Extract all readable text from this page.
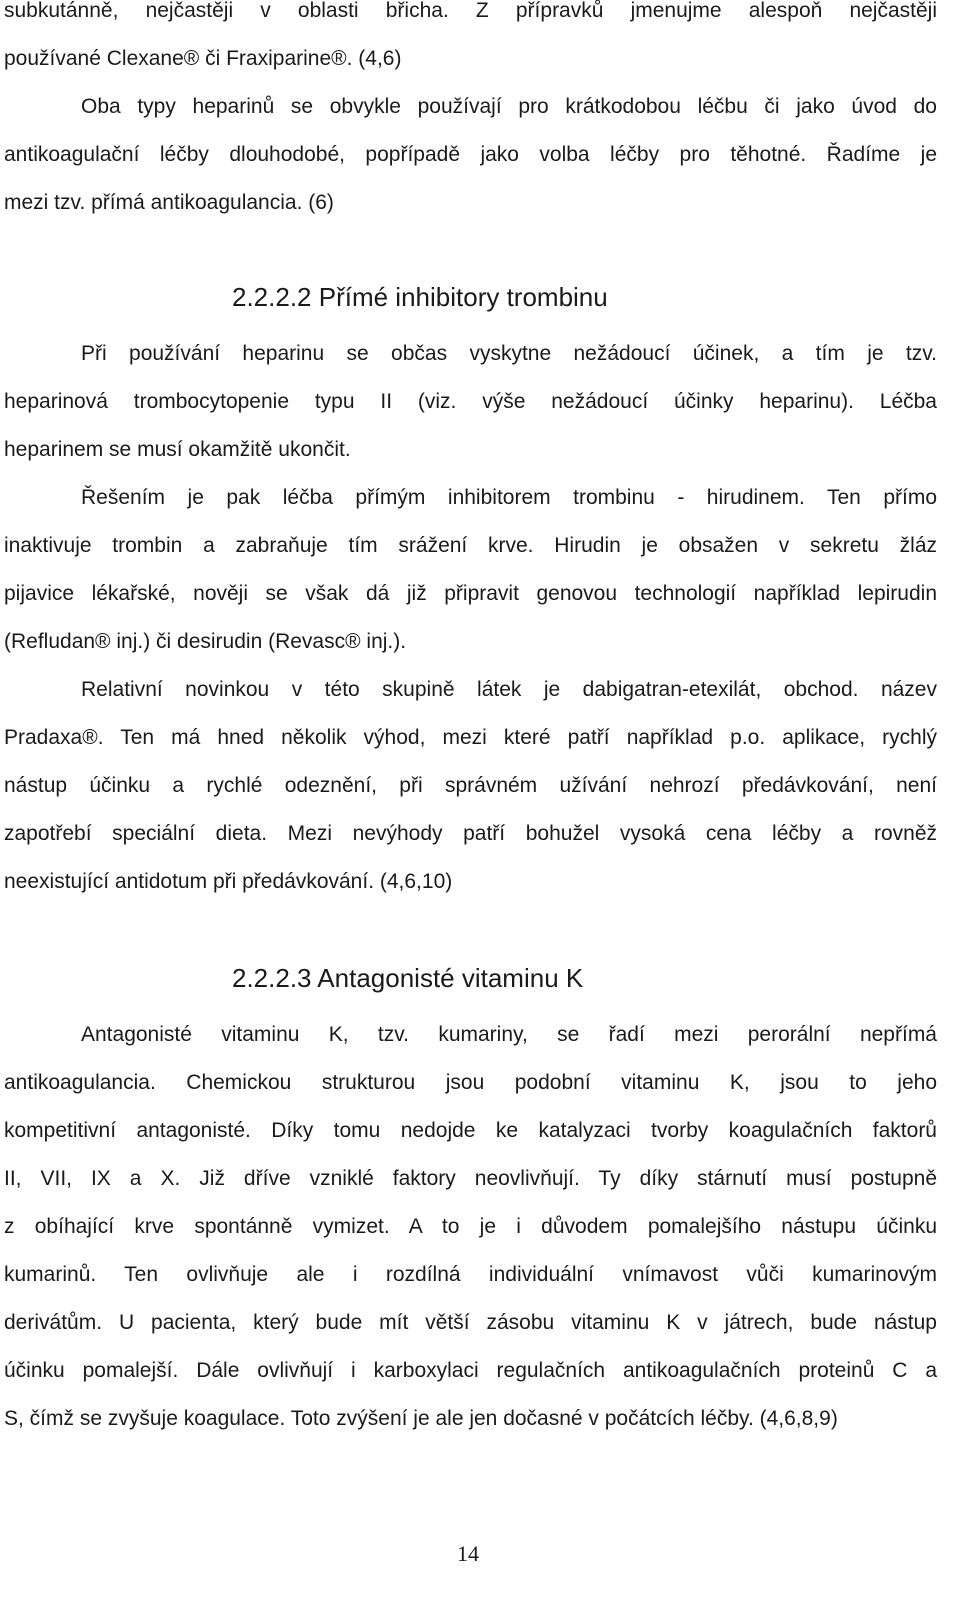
subkutánně, nejčastěji v oblasti břicha. Z přípravků jmenujme alespoň nejčastěji

používané Clexane® či Fraxiparine®. (4,6)

Oba typy heparinů se obvykle používají pro krátkodobou léčbu či jako úvod do

antikoagulační léčby dlouhodobé, popřípadě jako volba léčby pro těhotné. Řadíme je

mezi tzv. přímá antikoagulancia. (6)

2.2.2.2 Přímé inhibitory trombinu

Při používání heparinu se občas vyskytne nežádoucí účinek, a tím je tzv.

heparinová trombocytopenie typu II (viz. výše nežádoucí účinky heparinu). Léčba

heparinem se musí okamžitě ukončit.

Řešením je pak léčba přímým inhibitorem trombinu - hirudinem. Ten přímo

inaktivuje trombin a zabraňuje tím srážení krve. Hirudin je obsažen v sekretu žláz

pijavice lékařské, nověji se však dá již připravit genovou technologií například lepirudin

(Refludan® inj.) či desirudin (Revasc® inj.).

Relativní novinkou v této skupině látek je dabigatran-etexilát, obchod. název

Pradaxa®. Ten má hned několik výhod, mezi které patří například p.o. aplikace, rychlý

nástup účinku a rychlé odeznění, při správném užívání nehrozí předávkování, není

zapotřebí speciální dieta. Mezi nevýhody patří bohužel vysoká cena léčby a rovněž

neexistující antidotum při předávkování. (4,6,10)

2.2.2.3 Antagonisté vitaminu K

Antagonisté vitaminu K, tzv. kumariny, se řadí mezi perorální nepřímá

antikoagulancia. Chemickou strukturou jsou podobní vitaminu K, jsou to jeho

kompetitivní antagonisté. Díky tomu nedojde ke katalyzaci tvorby koagulačních faktorů

II, VII, IX a X. Již dříve vzniklé faktory neovlivňují. Ty díky stárnutí musí postupně

z obíhající krve spontánně vymizet. A to je i důvodem pomalejšího nástupu účinku

kumarinů. Ten ovlivňuje ale i rozdílná individuální vnímavost vůči kumarinovým

derivátům. U pacienta, který bude mít větší zásobu vitaminu K v játrech, bude nástup

účinku pomalejší. Dále ovlivňují i karboxylaci regulačních antikoagulačních proteinů C a

S, čímž se zvyšuje koagulace. Toto zvýšení je ale jen dočasné v počátcích léčby. (4,6,8,9)

14
